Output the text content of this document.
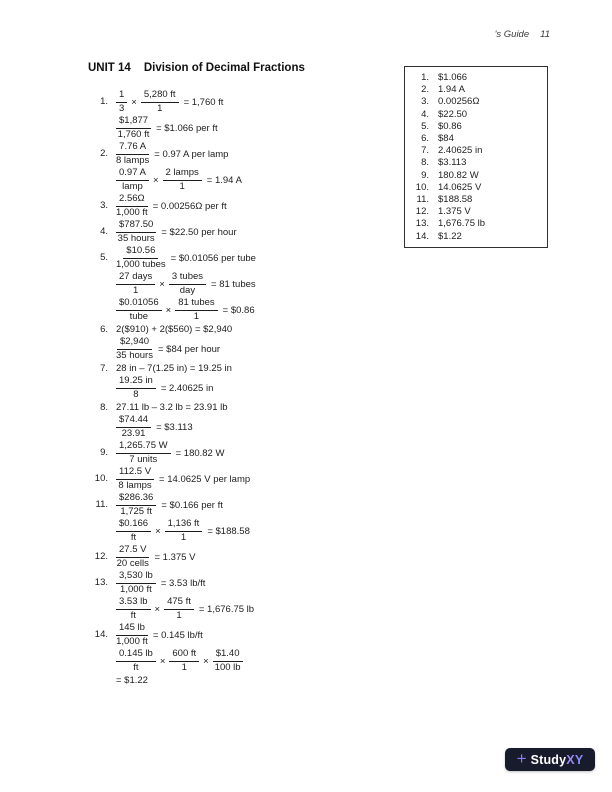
's Guide 11
UNIT 14 Division of Decimal Fractions
1. $1.066
2. 1.94 A
3. 0.00256Ω
4. $22.50
5. $0.86
6. $84
7. 2.40625 in
8. $3.113
9. 180.82 W
10. 14.0625 V
11. $188.58
12. 1.375 V
13. 1,676.75 lb
14. $1.22
1. $\frac{1}{3} \times \frac{5,280 ft}{1} = 1,760$ ft
$\frac{\$1,877}{1,760 ft}$ = $1.066 per ft
2. $\frac{7.76 A}{\text{8 lamps}} = 0.97$ A per lamp
$\frac{0.97 A}{\text{lamp}} \times \frac{\text{2 lamps}}{1} = 1.94$ A
3. $\frac{2.56\Omega}{1,000 ft} = 0.00256\Omega$ per ft
4. $\frac{\$787.50}{\text{35 hours}}$ = $22.50 per hour
5. $\frac{\$10.56}{\text{1,000 tubes}}$ = $0.01056 per tube
$\frac{\text{27 days}}{1} \times \frac{\text{3 tubes}}{\text{day}} = 81$ tubes
$\frac{\$0.01056}{\text{tube}} \times \frac{\text{81 tubes}}{1}$ = $0.86
6. 2($910) + 2($560) = $2,940
$\frac{\$2,940}{\text{35 hours}}$ = $84 per hour
7. 28 in – 7(1.25 in) = 19.25 in
$\frac{19.25 in}{8} = 2.40625$ in
8. 27.11 lb – 3.2 lb = 23.91 lb
$\frac{\$74.44}{23.91}$ = $3.113
9. $\frac{1,265.75 W}{\text{7 units}} = 180.82$ W
10. $\frac{112.5 V}{\text{8 lamps}} = 14.0625$ V per lamp
11. $\frac{\$286.36}{1,725 ft}$ = $0.166 per ft
$\frac{\$0.166}{ft} \times \frac{1,136 ft}{1}$ = $188.58
12. $\frac{27.5 V}{\text{20 cells}} = 1.375$ V
13. $\frac{3,530 lb}{1,000 ft} = 3.53$ lb/ft
$\frac{3.53 lb}{ft} \times \frac{475 ft}{1} = 1,676.75$ lb
14. $\frac{145 lb}{1,000 ft} = 0.145$ lb/ft
$\frac{0.145 lb}{ft} \times \frac{600 ft}{1} \times \frac{\$1.40}{100 lb}$
= $1.22
+ Study XY
